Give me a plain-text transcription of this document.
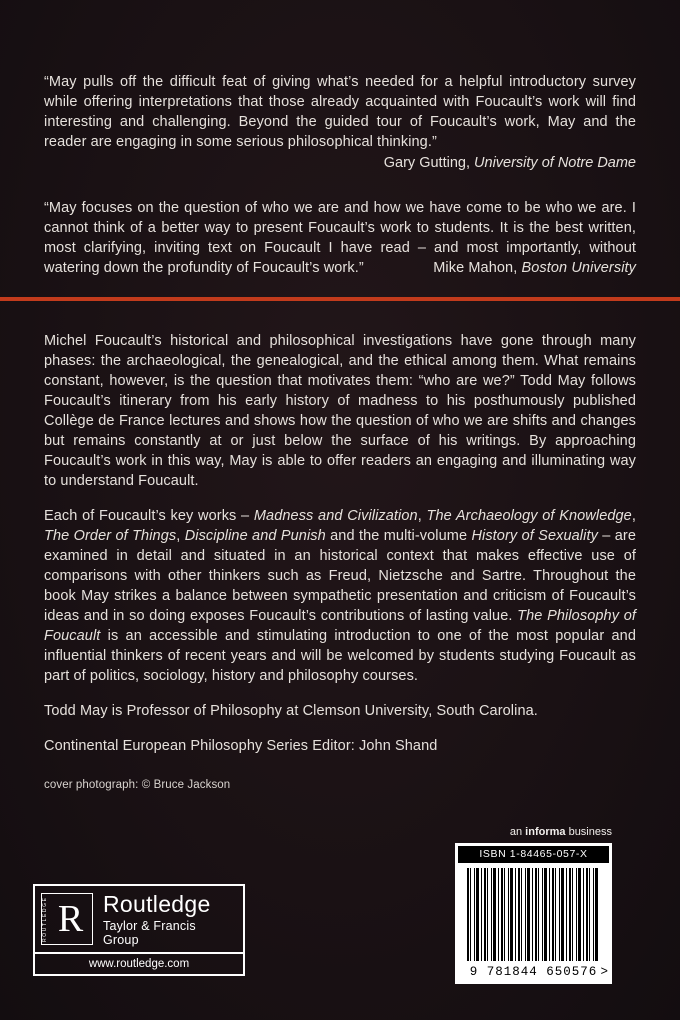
“May pulls off the difficult feat of giving what’s needed for a helpful introductory survey while offering interpretations that those already acquainted with Foucault’s work will find interesting and challenging. Beyond the guided tour of Foucault’s work, May and the reader are engaging in some serious philosophical thinking.”

Gary Gutting, University of Notre Dame

“May focuses on the question of who we are and how we have come to be who we are. I cannot think of a better way to present Foucault’s work to students. It is the best written, most clarifying, inviting text on Foucault I have read – and most importantly, without watering down the profundity of Foucault’s work.”	Mike Mahon, Boston University

Michel Foucault’s historical and philosophical investigations have gone through many phases: the archaeological, the genealogical, and the ethical among them. What remains constant, however, is the question that motivates them: “who are we?” Todd May follows Foucault’s itinerary from his early history of madness to his posthumously published Collège de France lectures and shows how the question of who we are shifts and changes but remains constantly at or just below the surface of his writings. By approaching Foucault’s work in this way, May is able to offer readers an engaging and illuminating way to understand Foucault.

Each of Foucault’s key works – Madness and Civilization, The Archaeology of Knowledge, The Order of Things, Discipline and Punish and the multi-volume History of Sexuality – are examined in detail and situated in an historical context that makes effective use of comparisons with other thinkers such as Freud, Nietzsche and Sartre. Throughout the book May strikes a balance between sympathetic presentation and criticism of Foucault’s ideas and in so doing exposes Foucault’s contributions of lasting value. The Philosophy of Foucault is an accessible and stimulating introduction to one of the most popular and influential thinkers of recent years and will be welcomed by students studying Foucault as part of politics, sociology, history and philosophy courses.

Todd May is Professor of Philosophy at Clemson University, South Carolina.

Continental European Philosophy Series Editor: John Shand

cover photograph: © Bruce Jackson

an informa business
ISBN 1-84465-057-X
9 781844 650576 >
ROUTLEDGE R Routledge
Taylor & Francis Group
www.routledge.com
